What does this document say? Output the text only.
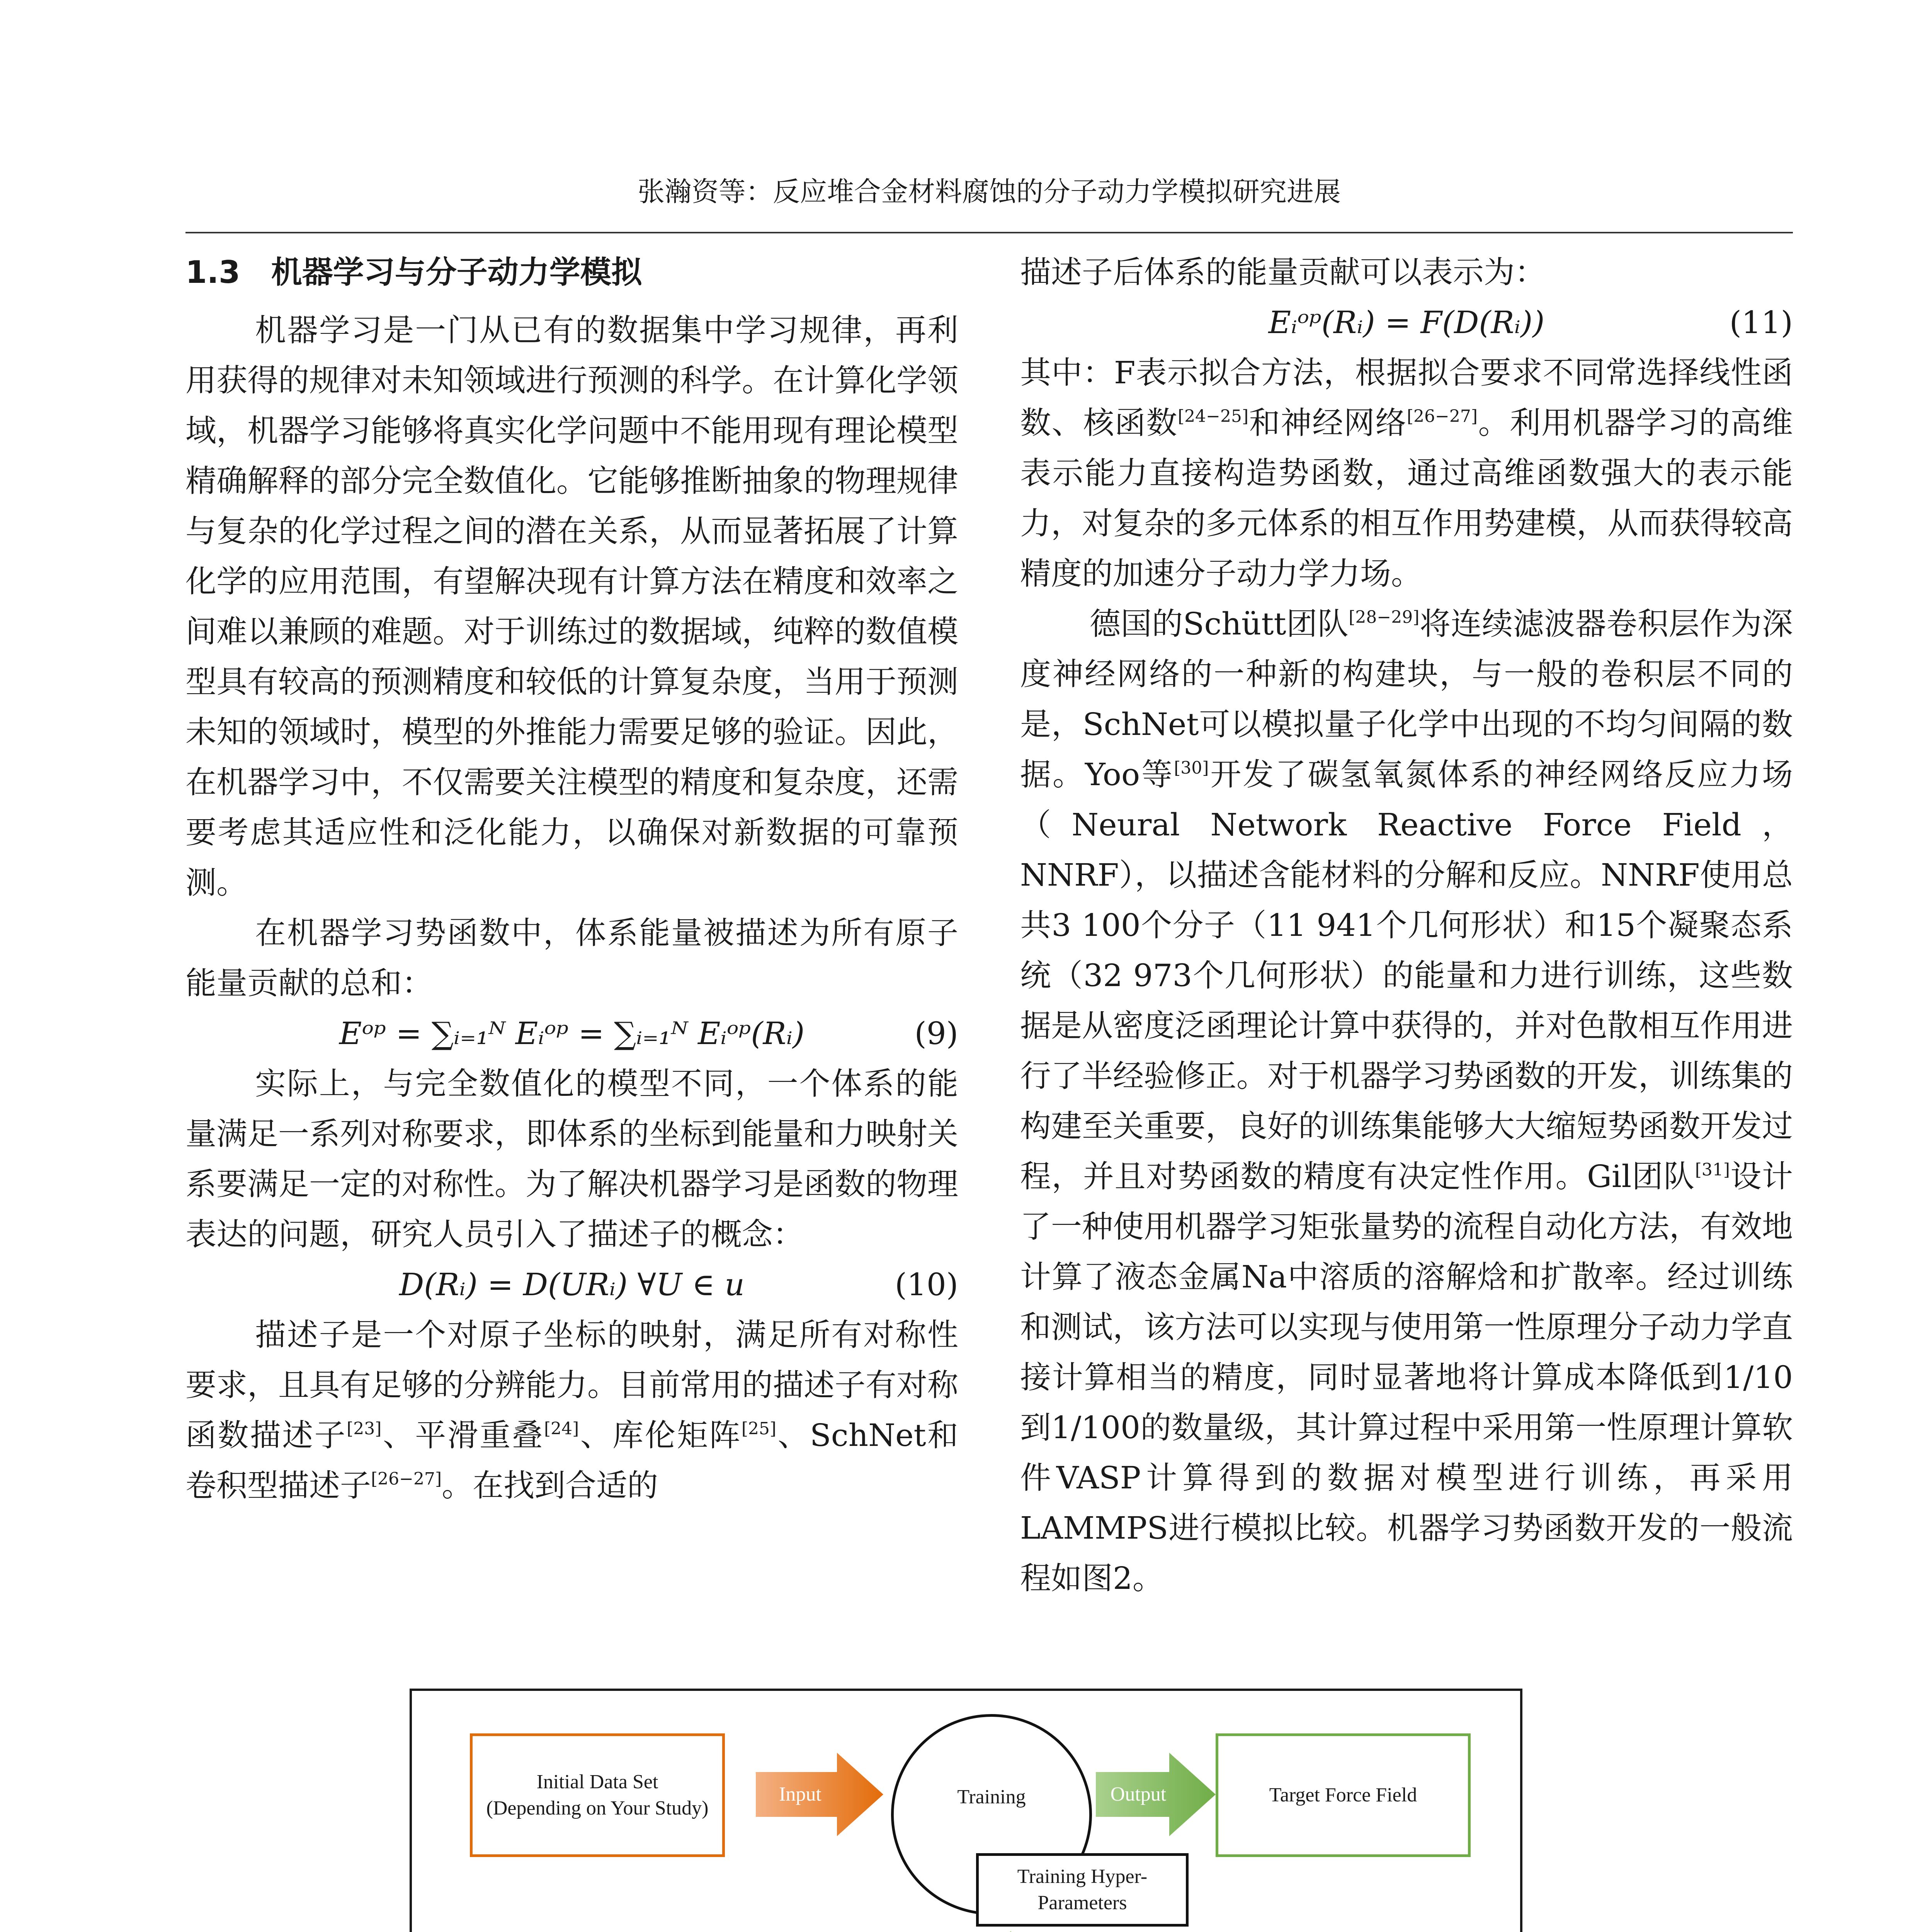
张瀚资等：反应堆合金材料腐蚀的分子动力学模拟研究进展
1.3 机器学习与分子动力学模拟

机器学习是一门从已有的数据集中学习规律，再利用获得的规律对未知领域进行预测的科学。在计算化学领域，机器学习能够将真实化学问题中不能用现有理论模型精确解释的部分完全数值化。它能够推断抽象的物理规律与复杂的化学过程之间的潜在关系，从而显著拓展了计算化学的应用范围，有望解决现有计算方法在精度和效率之间难以兼顾的难题。对于训练过的数据域，纯粹的数值模型具有较高的预测精度和较低的计算复杂度，当用于预测未知的领域时，模型的外推能力需要足够的验证。因此，在机器学习中，不仅需要关注模型的精度和复杂度，还需要考虑其适应性和泛化能力，以确保对新数据的可靠预测。

在机器学习势函数中，体系能量被描述为所有原子能量贡献的总和：

Eᵒᵖ = ∑ᵢ₌₁ᴺ Eᵢᵒᵖ = ∑ᵢ₌₁ᴺ Eᵢᵒᵖ(Rᵢ)	(9)

实际上，与完全数值化的模型不同，一个体系的能量满足一系列对称要求，即体系的坐标到能量和力映射关系要满足一定的对称性。为了解决机器学习是函数的物理表达的问题，研究人员引入了描述子的概念：

D(Rᵢ) = D(URᵢ) ∀U ∈ u	(10)

描述子是一个对原子坐标的映射，满足所有对称性要求，且具有足够的分辨能力。目前常用的描述子有对称函数描述子[23]、平滑重叠[24]、库伦矩阵[25]、SchNet和卷积型描述子[26−27]。在找到合适的

描述子后体系的能量贡献可以表示为：

Eᵢᵒᵖ(Rᵢ) = F(D(Rᵢ))	(11)

其中：F表示拟合方法，根据拟合要求不同常选择线性函数、核函数[24−25]和神经网络[26−27]。利用机器学习的高维表示能力直接构造势函数，通过高维函数强大的表示能力，对复杂的多元体系的相互作用势建模，从而获得较高精度的加速分子动力学力场。

德国的Schütt团队[28−29]将连续滤波器卷积层作为深度神经网络的一种新的构建块，与一般的卷积层不同的是，SchNet可以模拟量子化学中出现的不均匀间隔的数据。Yoo等[30]开发了碳氢氧氮体系的神经网络反应力场（Neural Network Reactive Force Field，NNRF），以描述含能材料的分解和反应。NNRF使用总共3 100个分子（11 941个几何形状）和15个凝聚态系统（32 973个几何形状）的能量和力进行训练，这些数据是从密度泛函理论计算中获得的，并对色散相互作用进行了半经验修正。对于机器学习势函数的开发，训练集的构建至关重要，良好的训练集能够大大缩短势函数开发过程，并且对势函数的精度有决定性作用。Gil团队[31]设计了一种使用机器学习矩张量势的流程自动化方法，有效地计算了液态金属Na中溶质的溶解焓和扩散率。经过训练和测试，该方法可以实现与使用第一性原理分子动力学直接计算相当的精度，同时显著地将计算成本降低到1/10到1/100的数量级，其计算过程中采用第一性原理计算软件VASP计算得到的数据对模型进行训练，再采用LAMMPS进行模拟比较。机器学习势函数开发的一般流程如图2。

Initial Data Set
(Depending on Your Study)
Input	Training
Training Hyper-
Parameters
Output	Target Force Field
